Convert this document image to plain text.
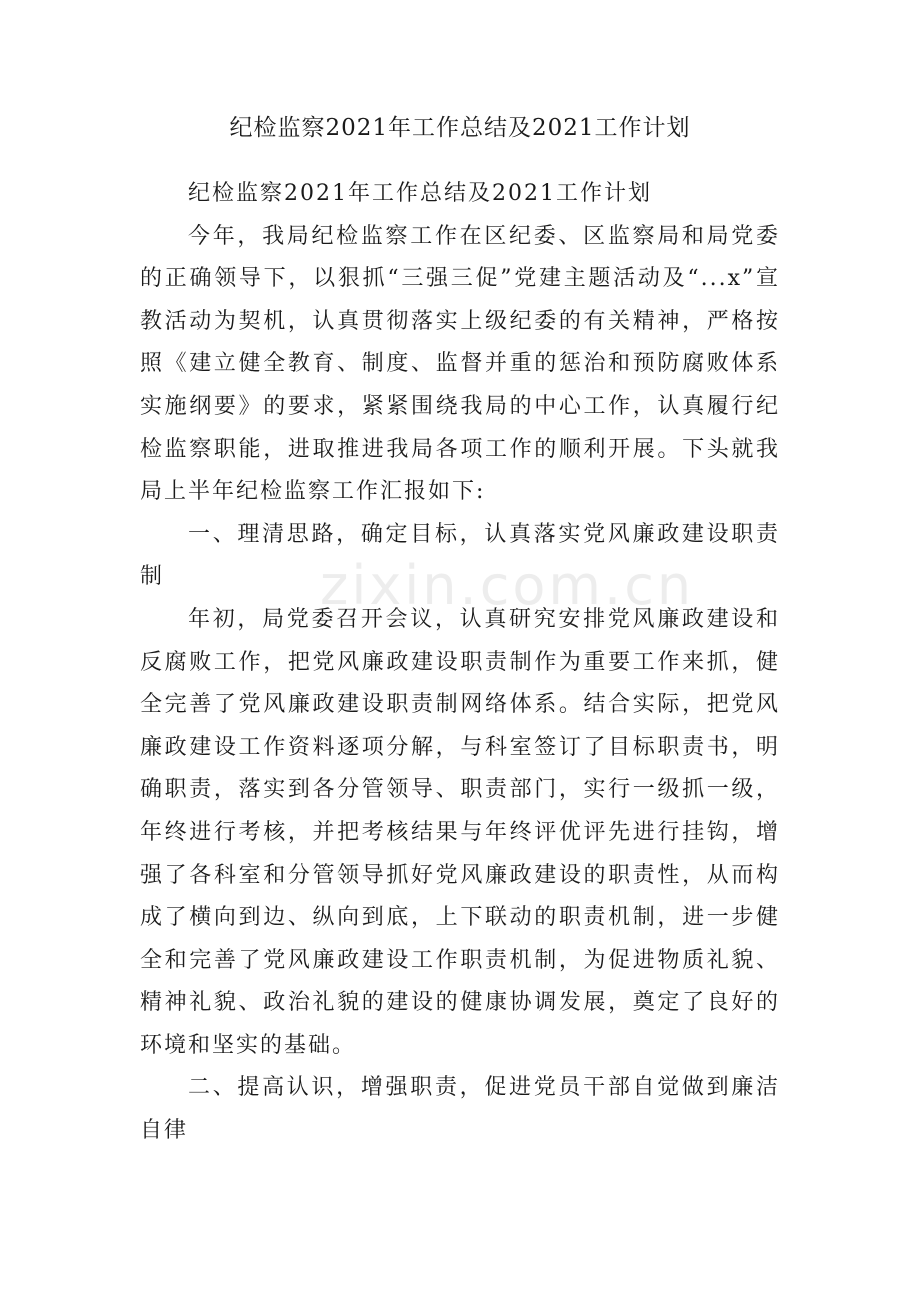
纪检监察2021年工作总结及2021工作计划

纪检监察2021年工作总结及2021工作计划

今年，我局纪检监察工作在区纪委、区监察局和局党委的正确领导下，以狠抓“三强三促”党建主题活动及“...x”宣教活动为契机，认真贯彻落实上级纪委的有关精神，严格按照《建立健全教育、制度、监督并重的惩治和预防腐败体系实施纲要》的要求，紧紧围绕我局的中心工作，认真履行纪检监察职能，进取推进我局各项工作的顺利开展。下头就我局上半年纪检监察工作汇报如下:

一、理清思路，确定目标，认真落实党风廉政建设职责制

年初，局党委召开会议，认真研究安排党风廉政建设和反腐败工作，把党风廉政建设职责制作为重要工作来抓，健全完善了党风廉政建设职责制网络体系。结合实际，把党风廉政建设工作资料逐项分解，与科室签订了目标职责书，明确职责，落实到各分管领导、职责部门，实行一级抓一级，年终进行考核，并把考核结果与年终评优评先进行挂钩，增强了各科室和分管领导抓好党风廉政建设的职责性，从而构成了横向到边、纵向到底，上下联动的职责机制，进一步健全和完善了党风廉政建设工作职责机制，为促进物质礼貌、精神礼貌、政治礼貌的建设的健康协调发展，奠定了良好的环境和坚实的基础。

二、提高认识，增强职责，促进党员干部自觉做到廉洁自律

zixin.com.cn
